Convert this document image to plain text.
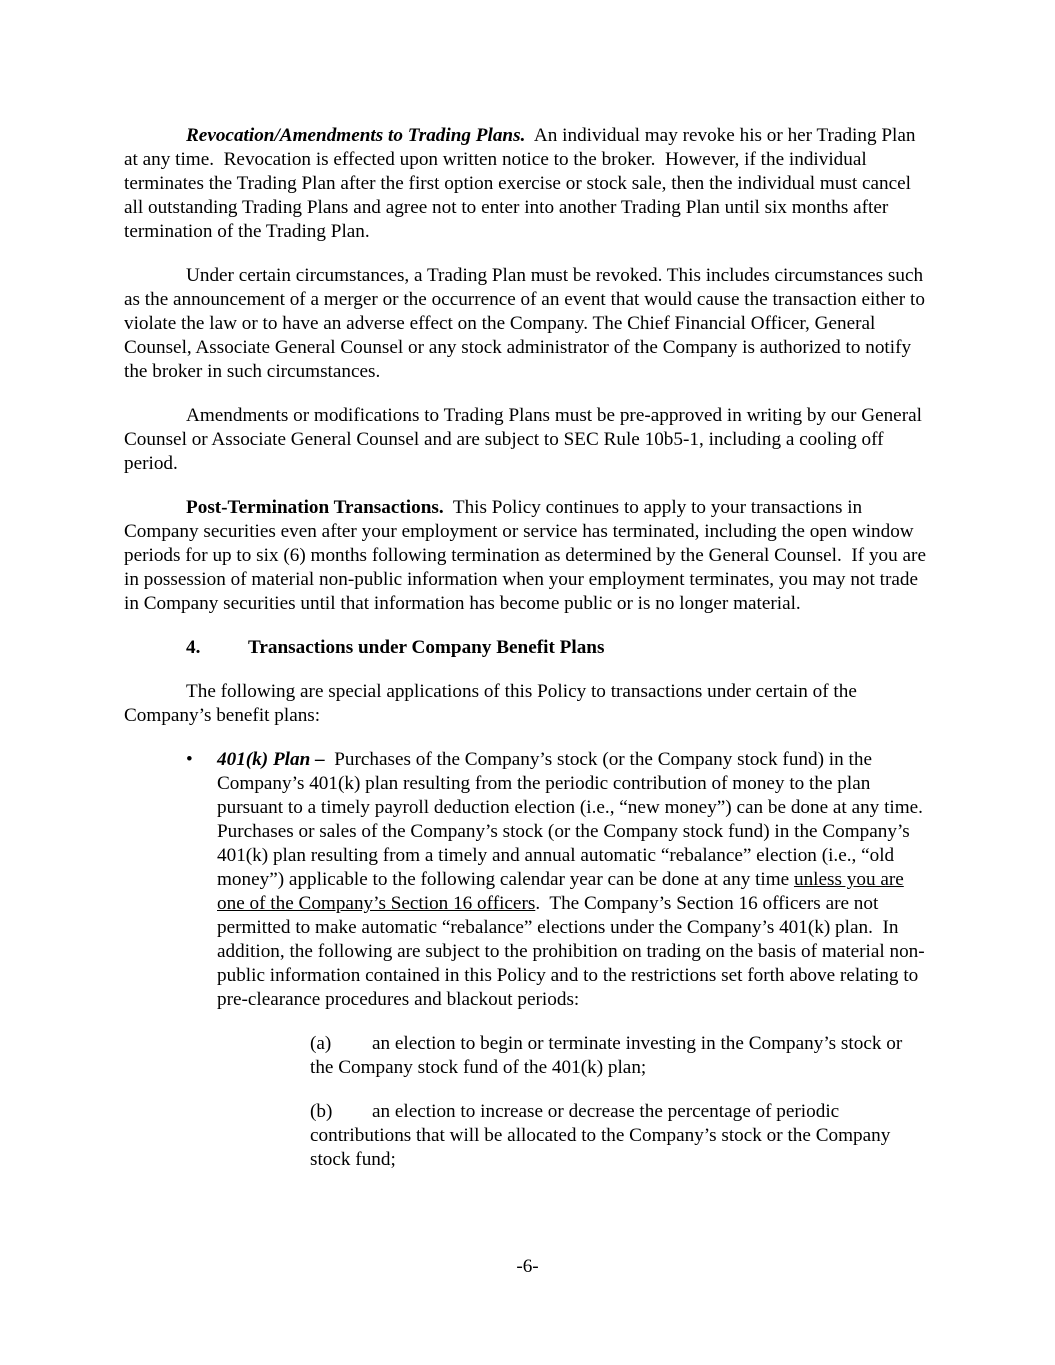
Revocation/Amendments to Trading Plans.  An individual may revoke his or her Trading Plan at any time.  Revocation is effected upon written notice to the broker.  However, if the individual terminates the Trading Plan after the first option exercise or stock sale, then the individual must cancel all outstanding Trading Plans and agree not to enter into another Trading Plan until six months after termination of the Trading Plan.

Under certain circumstances, a Trading Plan must be revoked. This includes circumstances such as the announcement of a merger or the occurrence of an event that would cause the transaction either to violate the law or to have an adverse effect on the Company. The Chief Financial Officer, General Counsel, Associate General Counsel or any stock administrator of the Company is authorized to notify the broker in such circumstances.

Amendments or modifications to Trading Plans must be pre-approved in writing by our General Counsel or Associate General Counsel and are subject to SEC Rule 10b5-1, including a cooling off period.

Post-Termination Transactions.  This Policy continues to apply to your transactions in Company securities even after your employment or service has terminated, including the open window periods for up to six (6) months following termination as determined by the General Counsel.  If you are in possession of material non-public information when your employment terminates, you may not trade in Company securities until that information has become public or is no longer material.

4. Transactions under Company Benefit Plans

The following are special applications of this Policy to transactions under certain of the Company’s benefit plans:

• 401(k) Plan –  Purchases of the Company’s stock (or the Company stock fund) in the Company’s 401(k) plan resulting from the periodic contribution of money to the plan pursuant to a timely payroll deduction election (i.e., “new money”) can be done at any time.  Purchases or sales of the Company’s stock (or the Company stock fund) in the Company’s 401(k) plan resulting from a timely and annual automatic “rebalance” election (i.e., “old money”) applicable to the following calendar year can be done at any time unless you are one of the Company’s Section 16 officers.  The Company’s Section 16 officers are not permitted to make automatic “rebalance” elections under the Company’s 401(k) plan.  In addition, the following are subject to the prohibition on trading on the basis of material non-public information contained in this Policy and to the restrictions set forth above relating to pre-clearance procedures and blackout periods:

(a) an election to begin or terminate investing in the Company’s stock or the Company stock fund of the 401(k) plan;

(b) an election to increase or decrease the percentage of periodic contributions that will be allocated to the Company’s stock or the Company stock fund;

-6-
